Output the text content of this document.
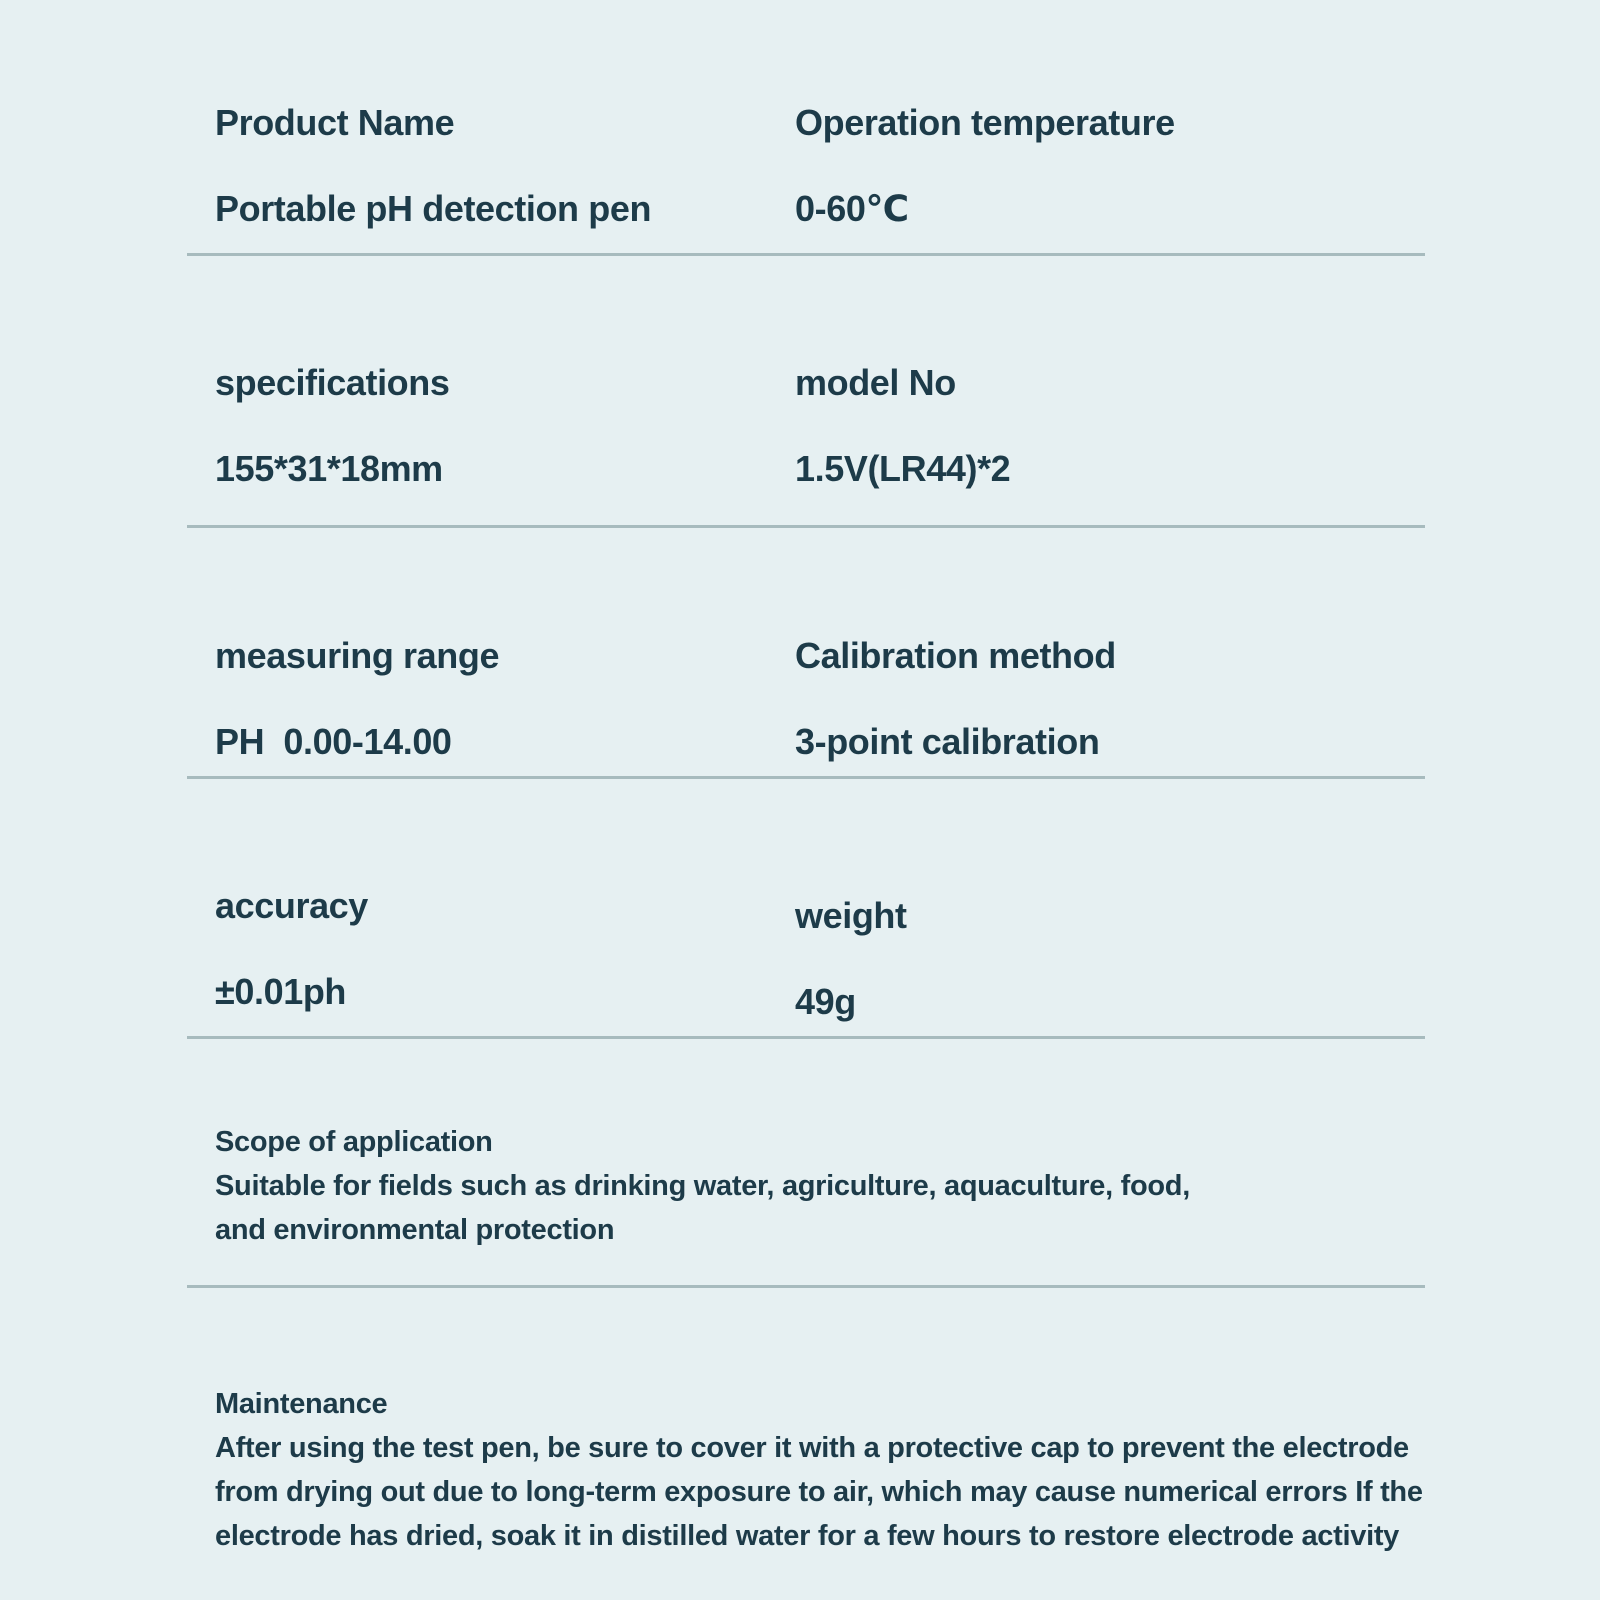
Product Name

Portable pH detection pen

Operation temperature

0-60℃

specifications

155*31*18mm

model No

1.5V(LR44)*2

measuring range

PH  0.00-14.00

Calibration method

3-point calibration

accuracy

±0.01ph

weight

49g

Scope of application
Suitable for fields such as drinking water, agriculture, aquaculture, food,
and environmental protection
Maintenance
After using the test pen, be sure to cover it with a protective cap to prevent the electrode
from drying out due to long-term exposure to air, which may cause numerical errors If the
electrode has dried, soak it in distilled water for a few hours to restore electrode activity
